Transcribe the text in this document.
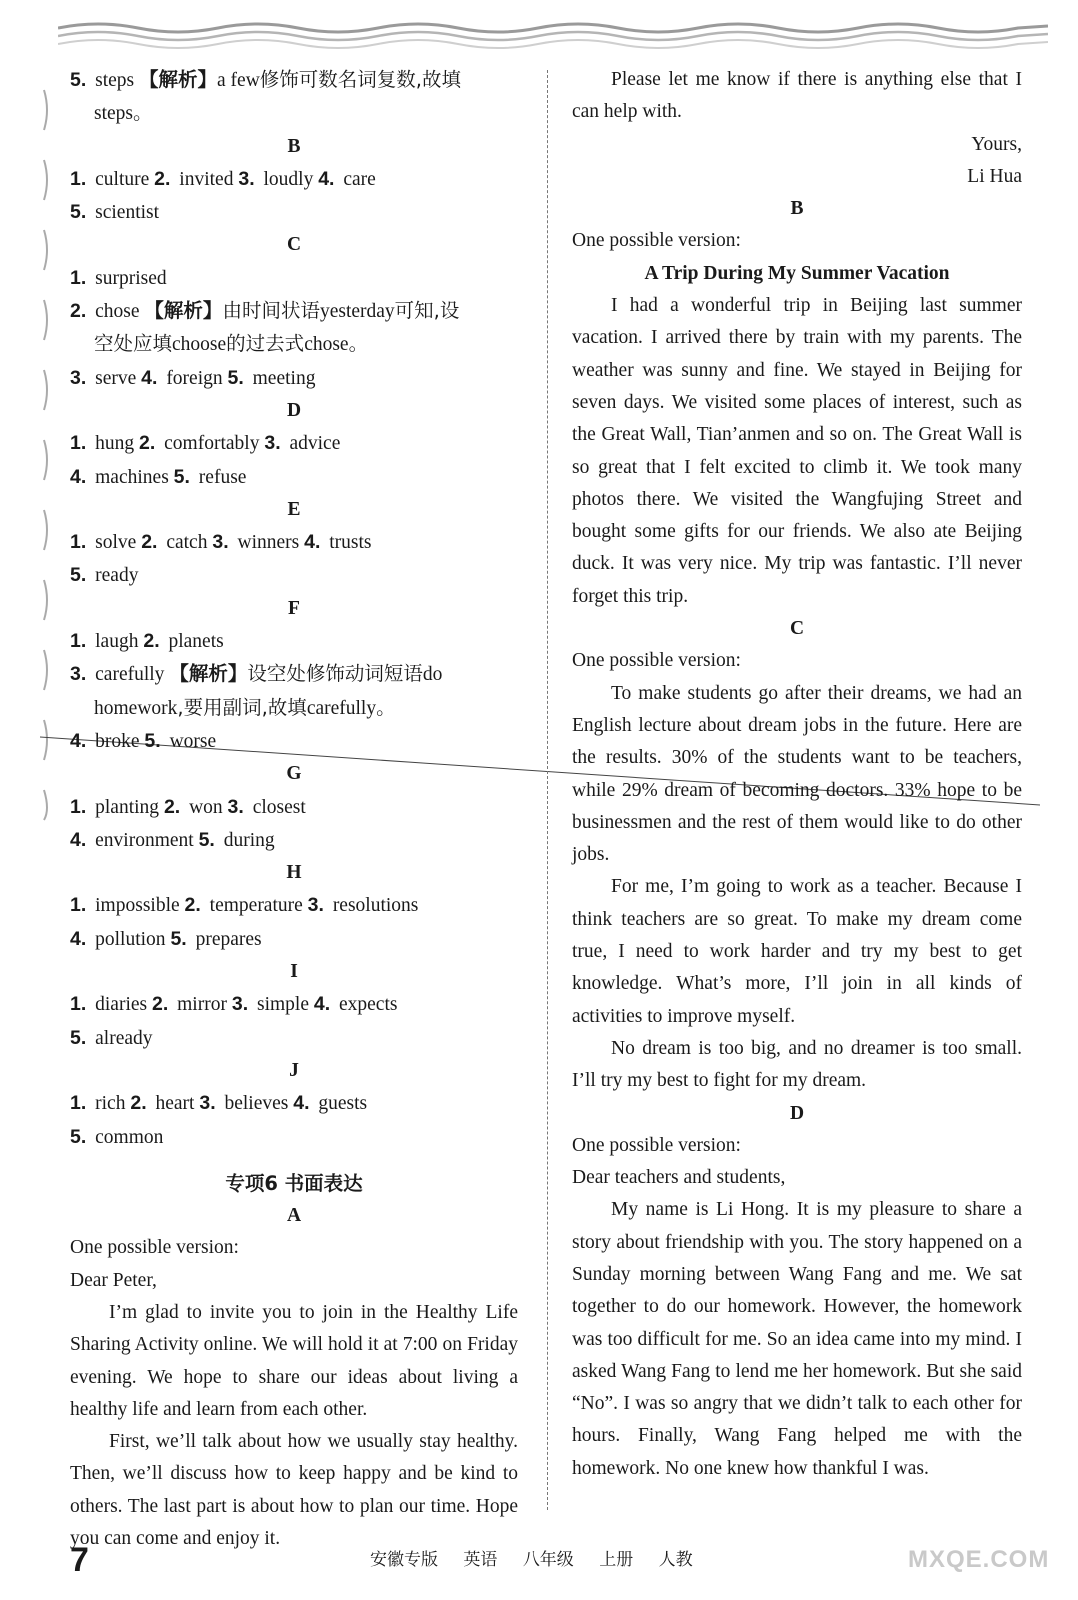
5. steps 【解析】a few修饰可数名词复数,故填
steps。
B
1. culture 2. invited 3. loudly 4. care
5. scientist
C
1. surprised
2. chose 【解析】由时间状语yesterday可知,设
空处应填choose的过去式chose。
3. serve 4. foreign 5. meeting
D
1. hung 2. comfortably 3. advice
4. machines 5. refuse
E
1. solve 2. catch 3. winners 4. trusts
5. ready
F
1. laugh 2. planets
3. carefully 【解析】设空处修饰动词短语do
homework,要用副词,故填carefully。
4. broke 5. worse
G
1. planting 2. won 3. closest
4. environment 5. during
H
1. impossible 2. temperature 3. resolutions
4. pollution 5. prepares
I
1. diaries 2. mirror 3. simple 4. expects
5. already
J
1. rich 2. heart 3. believes 4. guests
5. common
专项6 书面表达
A
One possible version:
Dear Peter,
I’m glad to invite you to join in the Healthy Life Sharing Activity online. We will hold it at 7:00 on Friday evening. We hope to share our ideas about living a healthy life and learn from each other.
First, we’ll talk about how we usually stay healthy. Then, we’ll discuss how to keep happy and be kind to others. The last part is about how to plan our time. Hope you can come and enjoy it.
Please let me know if there is anything else that I can help with.
Yours,
Li Hua
B
One possible version:
A Trip During My Summer Vacation
I had a wonderful trip in Beijing last summer vacation. I arrived there by train with my parents. The weather was sunny and fine. We stayed in Beijing for seven days. We visited some places of interest, such as the Great Wall, Tian’anmen and so on. The Great Wall is so great that I felt excited to climb it. We took many photos there. We visited the Wangfujing Street and bought some gifts for our friends. We also ate Beijing duck. It was very nice. My trip was fantastic. I’ll never forget this trip.
C
One possible version:
To make students go after their dreams, we had an English lecture about dream jobs in the future. Here are the results. 30% of the students want to be teachers, while 29% dream of becoming doctors. 33% hope to be businessmen and the rest of them would like to do other jobs.
For me, I’m going to work as a teacher. Because I think teachers are so great. To make my dream come true, I need to work harder and try my best to get knowledge. What’s more, I’ll join in all kinds of activities to improve myself.
No dream is too big, and no dreamer is too small. I’ll try my best to fight for my dream.
D
One possible version:
Dear teachers and students,
My name is Li Hong. It is my pleasure to share a story about friendship with you. The story happened on a Sunday morning between Wang Fang and me. We sat together to do our homework. However, the homework was too difficult for me. So an idea came into my mind. I asked Wang Fang to lend me her homework. But she said “No”. I was so angry that we didn’t talk to each other for hours. Finally, Wang Fang helped me with the homework. No one knew how thankful I was.
7	安徽专版 英语 八年级 上册 人教	MXQE.COM
